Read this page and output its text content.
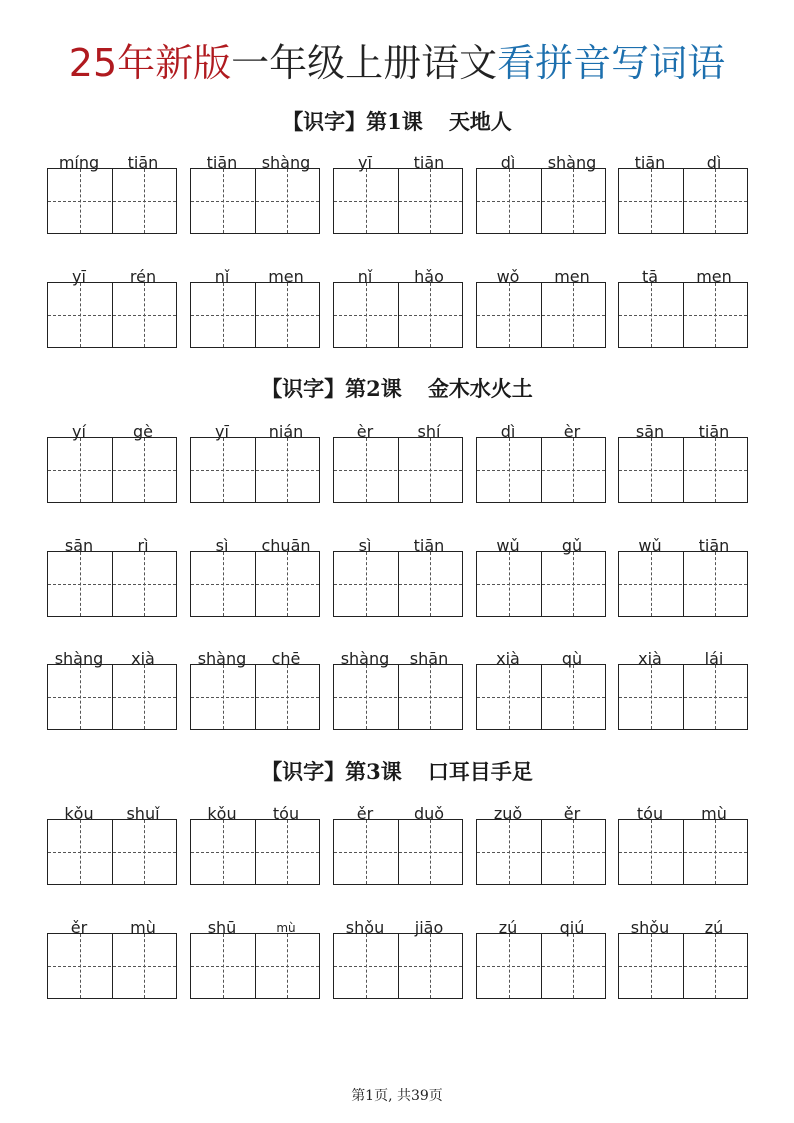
25年新版一年级上册语文看拼音写词语
【识字】第1课 天地人
míng	tiān	tiān	shàng	yī	tiān	dì	shàng	tiān	dì
yī	rén	nǐ	men	nǐ	hǎo	wǒ	men	tā	men
【识字】第2课 金木水火土
yí	gè	yī	nián	èr	shí	dì	èr	sān	tiān
sān	rì	sì	chuān	sì	tiān	wǔ	gǔ	wǔ	tiān
shàng	xià	shàng	chē	shàng	shān	xià	qù	xià	lái
【识字】第3课 口耳目手足
kǒu	shuǐ	kǒu	tóu	ěr	duǒ	zuǒ	ěr	tóu	mù
ěr	mù	shū	mù	shǒu	jiāo	zú	qiú	shǒu	zú
第1页, 共39页
